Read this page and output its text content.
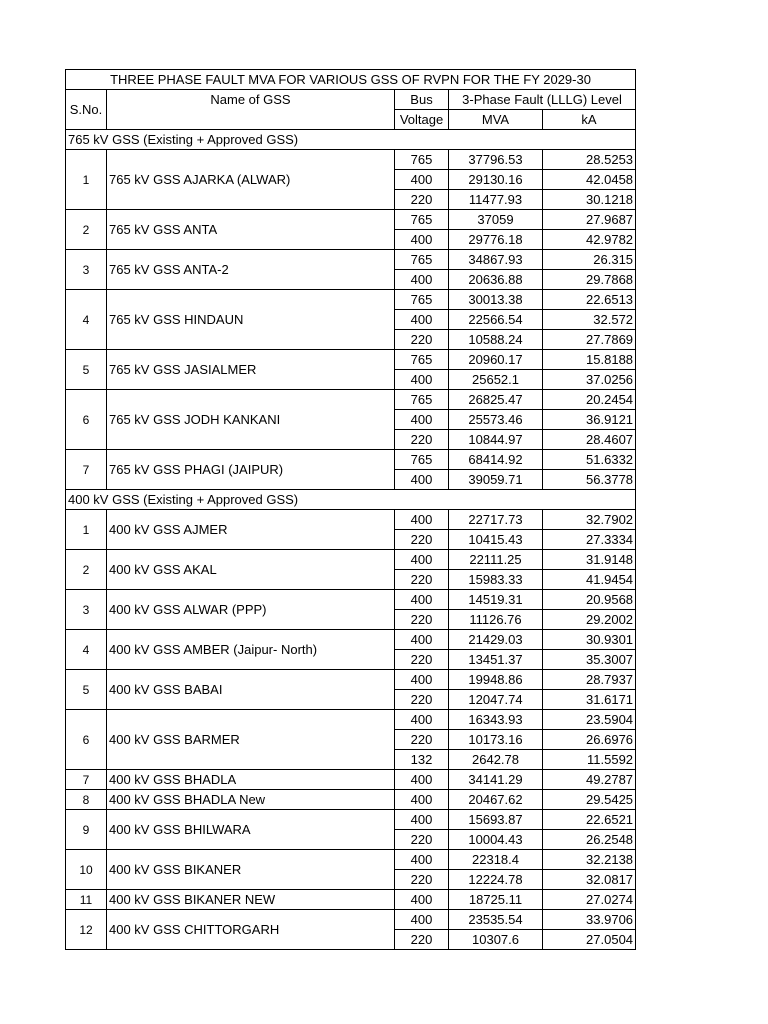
THREE PHASE FAULT MVA FOR VARIOUS GSS OF RVPN FOR THE FY 2029-30				
S.No.	Name of GSS	Bus	3-Phase Fault (LLLG) Level	
		Voltage	MVA	kA
765 kV GSS (Existing + Approved GSS)				
1	765 kV GSS AJARKA (ALWAR)	765	37796.53	28.5253
		400	29130.16	42.0458
		220	11477.93	30.1218
2	765 kV GSS ANTA	765	37059	27.9687
		400	29776.18	42.9782
3	765 kV GSS ANTA-2	765	34867.93	26.315
		400	20636.88	29.7868
4	765 kV GSS HINDAUN	765	30013.38	22.6513
		400	22566.54	32.572
		220	10588.24	27.7869
5	765 kV GSS JASIALMER	765	20960.17	15.8188
		400	25652.1	37.0256
6	765 kV GSS JODH KANKANI	765	26825.47	20.2454
		400	25573.46	36.9121
		220	10844.97	28.4607
7	765 kV GSS PHAGI (JAIPUR)	765	68414.92	51.6332
		400	39059.71	56.3778
400 kV GSS (Existing + Approved GSS)				
1	400 kV GSS AJMER	400	22717.73	32.7902
		220	10415.43	27.3334
2	400 kV GSS AKAL	400	22111.25	31.9148
		220	15983.33	41.9454
3	400 kV GSS ALWAR (PPP)	400	14519.31	20.9568
		220	11126.76	29.2002
4	400 kV GSS AMBER (Jaipur- North)	400	21429.03	30.9301
		220	13451.37	35.3007
5	400 kV GSS BABAI	400	19948.86	28.7937
		220	12047.74	31.6171
6	400 kV GSS BARMER	400	16343.93	23.5904
		220	10173.16	26.6976
		132	2642.78	11.5592
7	400 kV GSS BHADLA	400	34141.29	49.2787
8	400 kV GSS BHADLA New	400	20467.62	29.5425
9	400 kV GSS BHILWARA	400	15693.87	22.6521
		220	10004.43	26.2548
10	400 kV GSS BIKANER	400	22318.4	32.2138
		220	12224.78	32.0817
11	400 kV GSS BIKANER NEW	400	18725.11	27.0274
12	400 kV GSS CHITTORGARH	400	23535.54	33.9706
		220	10307.6	27.0504
